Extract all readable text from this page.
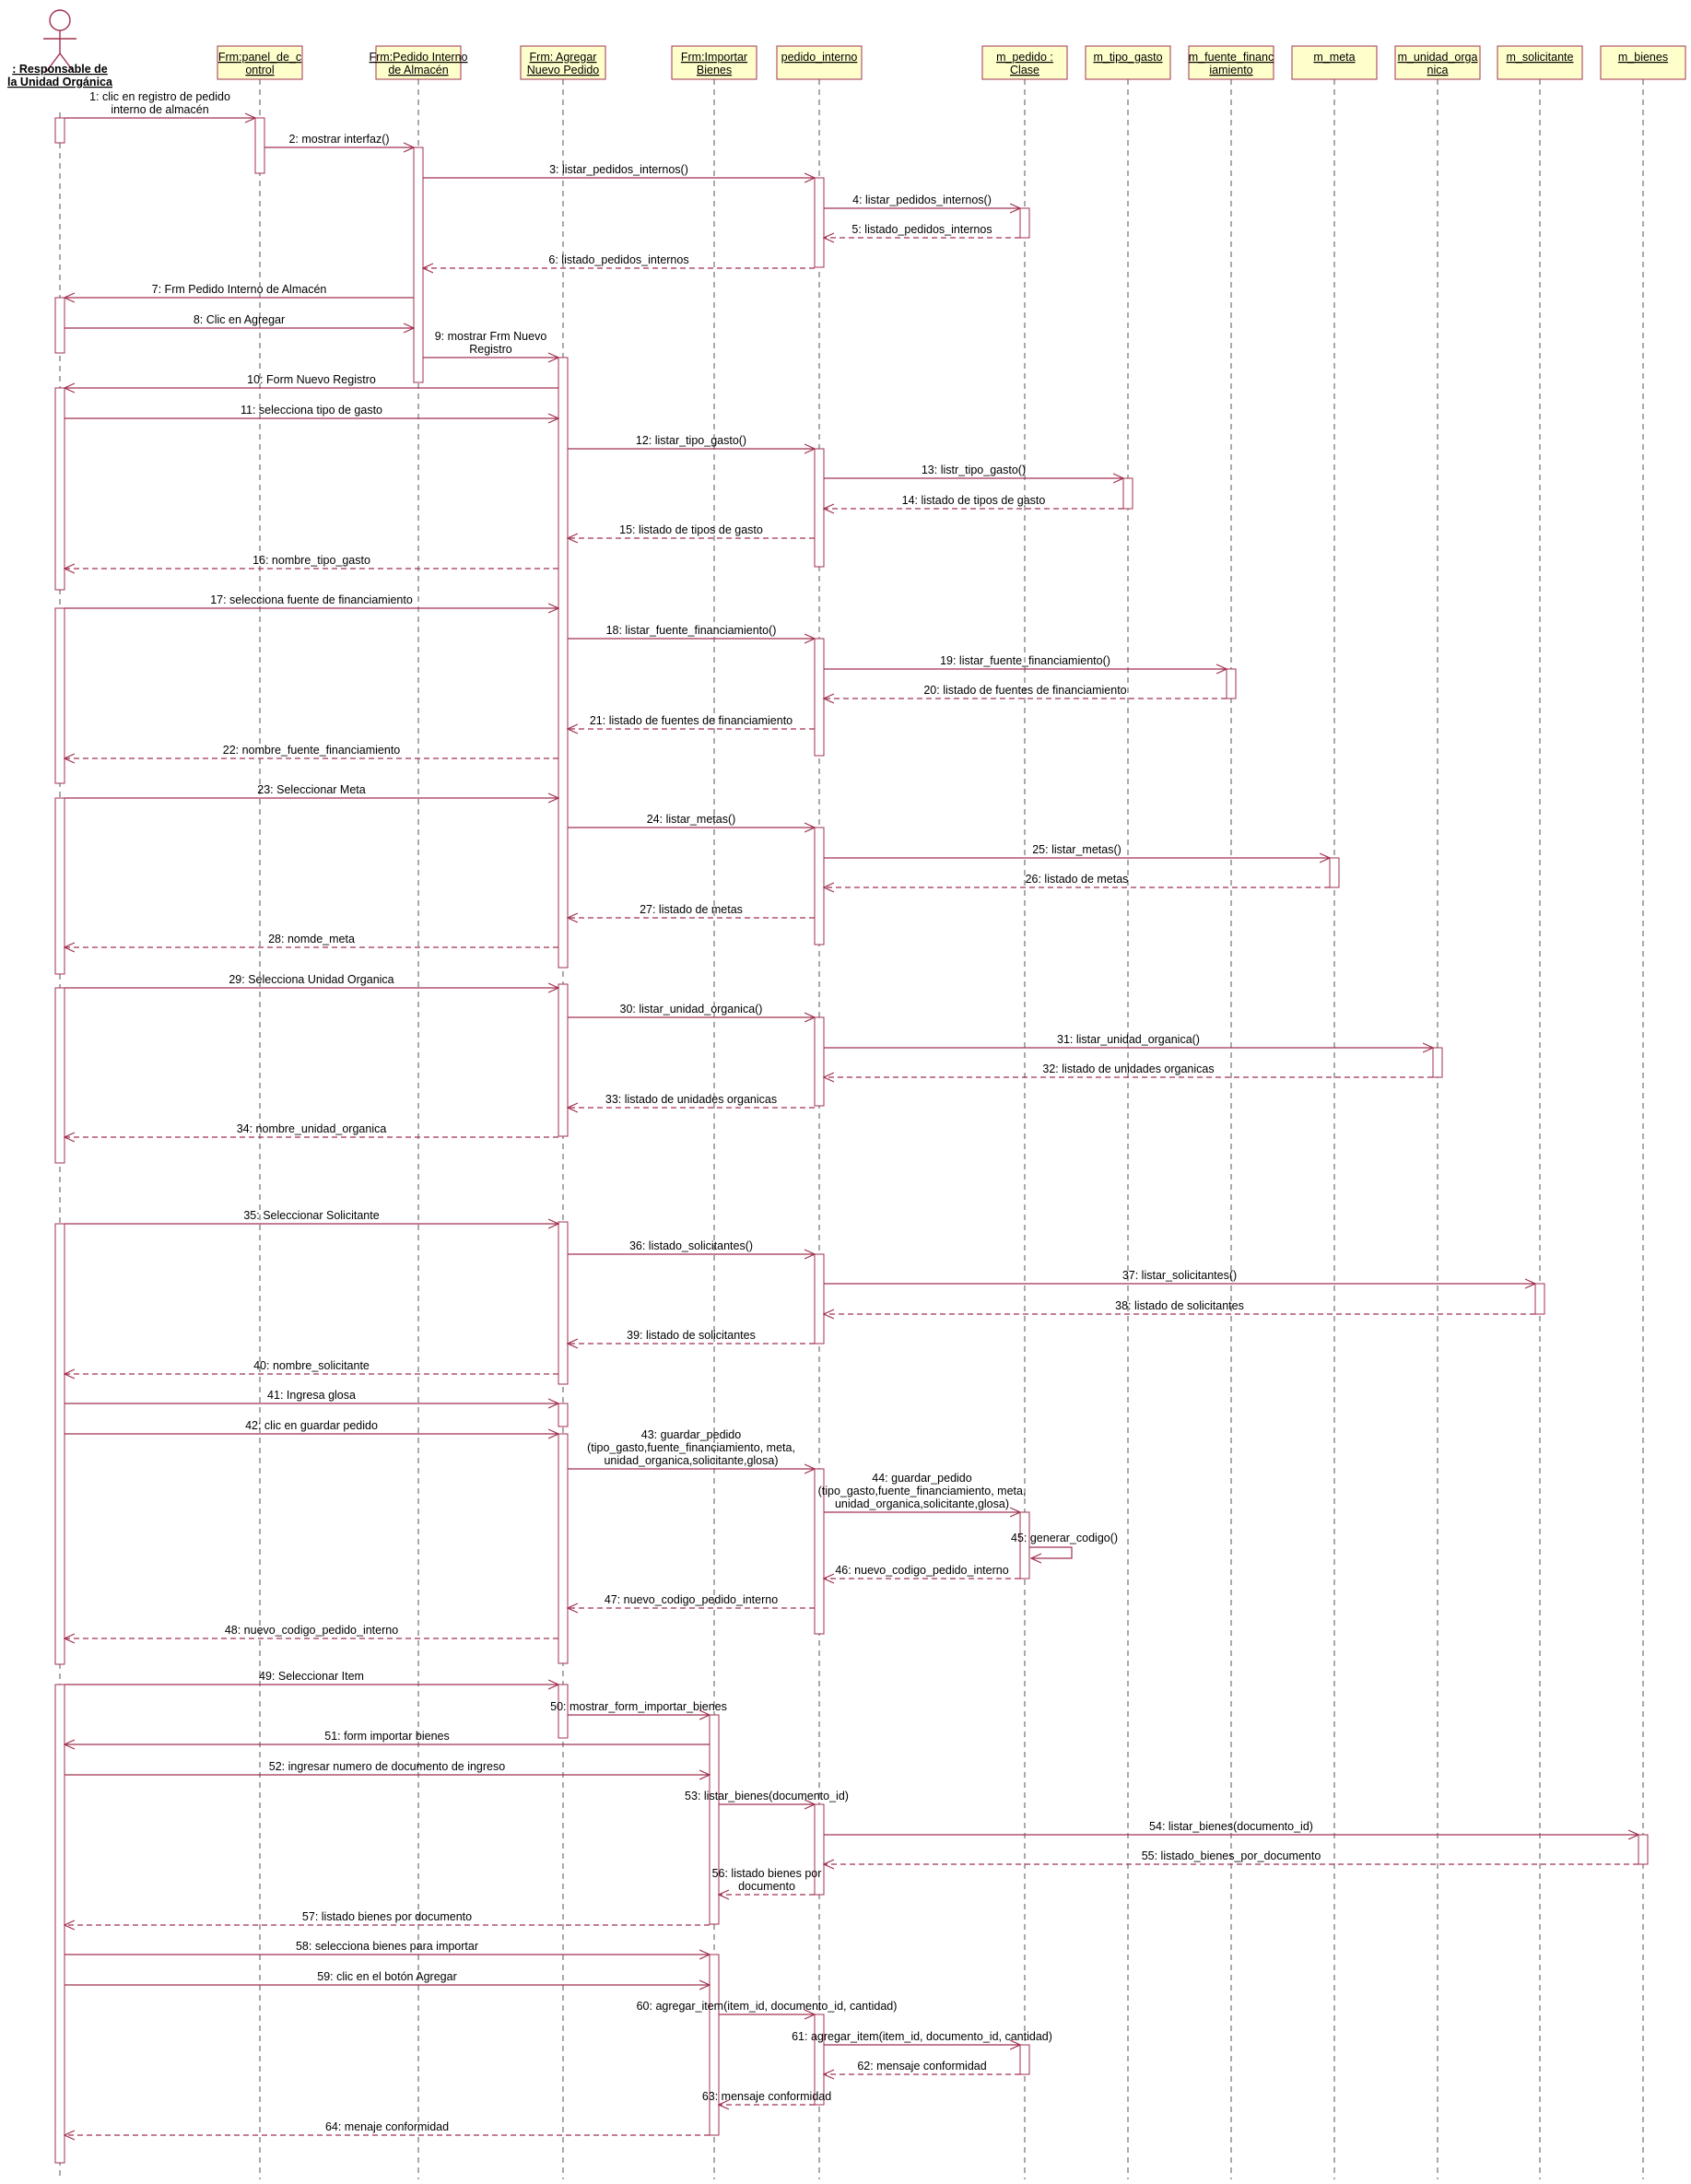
Frm:panel_de_c ontrol
Frm:Pedido Interno de Almacén
Frm: Agregar Nuevo Pedido
Frm:Importar Bienes
pedido_interno	m_pedido : Clase
m_tipo_gasto m_fuente_financ iamiento
m_meta	m_unidad_orga nica
m_solicitante	m_bienes
: Responsable de la Unidad Orgánica
1: clic en registro de pedido interno de almacén
2: mostrar interfaz()
3: listar_pedidos_internos()
4: listar_pedidos_internos()
5: listado_pedidos_internos
6: listado_pedidos_internos
7: Frm Pedido Interno de Almacén
8: Clic en Agregar
9: mostrar Frm Nuevo Registro
10: Form Nuevo Registro
11: selecciona tipo de gasto
12: listar_tipo_gasto()
13: listr_tipo_gasto()
14: listado de tipos de gasto
15: listado de tipos de gasto
16: nombre_tipo_gasto
17: selecciona fuente de financiamiento
18: listar_fuente_financiamiento()
19: listar_fuente_financiamiento()
20: listado de fuentes de financiamiento
21: listado de fuentes de financiamiento
22: nombre_fuente_financiamiento
23: Seleccionar Meta
24: listar_metas()
25: listar_metas()
26: listado de metas
27: listado de metas
28: nomde_meta
29: Selecciona Unidad Organica
30: listar_unidad_organica()
31: listar_unidad_organica()
32: listado de unidades organicas
33: listado de unidades organicas
34: nombre_unidad_organica
35: Seleccionar Solicitante
36: listado_solicitantes()
37: listar_solicitantes()
38: listado de solicitantes
39: listado de solicitantes
40: nombre_solicitante
41: Ingresa glosa
42: clic en guardar pedido
43: guardar_pedido (tipo_gasto,fuente_financiamiento, meta, unidad_organica,solicitante,glosa)
44: guardar_pedido (tipo_gasto,fuente_financiamiento, meta, unidad_organica,solicitante,glosa)
45: generar_codigo()
46: nuevo_codigo_pedido_interno
47: nuevo_codigo_pedido_interno
48: nuevo_codigo_pedido_interno
49: Seleccionar Item
50: mostrar_form_importar_bienes
51: form importar bienes
52: ingresar numero de documento de ingreso
53: listar_bienes(documento_id)
54: listar_bienes(documento_id)
55: listado_bienes_por_documento
56: listado bienes por documento
57: listado bienes por documento
58: selecciona bienes para importar
59: clic en el botón Agregar
60: agregar_item(item_id, documento_id, cantidad)
61: agregar_item(item_id, documento_id, cantidad)
62: mensaje conformidad
63: mensaje conformidad
64: menaje conformidad
